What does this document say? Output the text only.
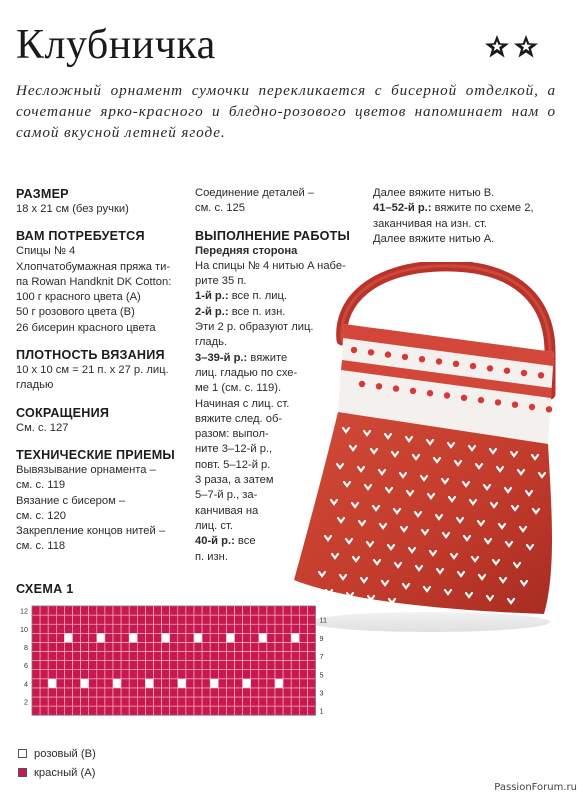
Клубничка
Несложный орнамент сумочки перекликается с бисерной отделкой, а сочетание ярко-красного и бледно-розового цветов напоминает нам о самой вкусной летней ягоде.
РАЗМЕР
18 х 21 см (без ручки)
ВАМ ПОТРЕБУЕТСЯ
Спицы № 4
Хлопчатобумажная пряжа ти-
па Rowan Handknit DK Cotton:
100 г красного цвета (A)
50 г розового цвета (B)
26 бисерин красного цвета
ПЛОТНОСТЬ ВЯЗАНИЯ
10 х 10 см = 21 п. х 27 р. лиц.
гладью
СОКРАЩЕНИЯ
См. с. 127
ТЕХНИЧЕСКИЕ ПРИЕМЫ
Вывязывание орнамента –
см. с. 119
Вязание с бисером –
см. с. 120
Закрепление концов нитей –
см. с. 118
Соединение деталей –
см. с. 125
ВЫПОЛНЕНИЕ РАБОТЫ
Передняя сторона
На спицы № 4 нитью A набе-
рите 35 п.
1-й р.: все п. лиц.
2-й р.: все п. изн.
Эти 2 р. образуют лиц.
гладь.
3–39-й р.: вяжите
лиц. гладью по схе-
ме 1 (см. с. 119).
Начиная с лиц. ст.
вяжите след. об-
разом: выпол-
ните 3–12-й р.,
повт. 5–12-й р.
3 раза, а затем
5–7-й р., за-
канчивая на
лиц. ст.
40-й р.: все
п. изн.
Далее вяжите нитью B.
41–52-й р.: вяжите по схеме 2,
заканчивая на изн. ст.
Далее вяжите нитью A.
СХЕМА 1
12
10
8
6
4
2
11
9
7
5
3
1
розовый (B)
красный (A)
PassionForum.ru
